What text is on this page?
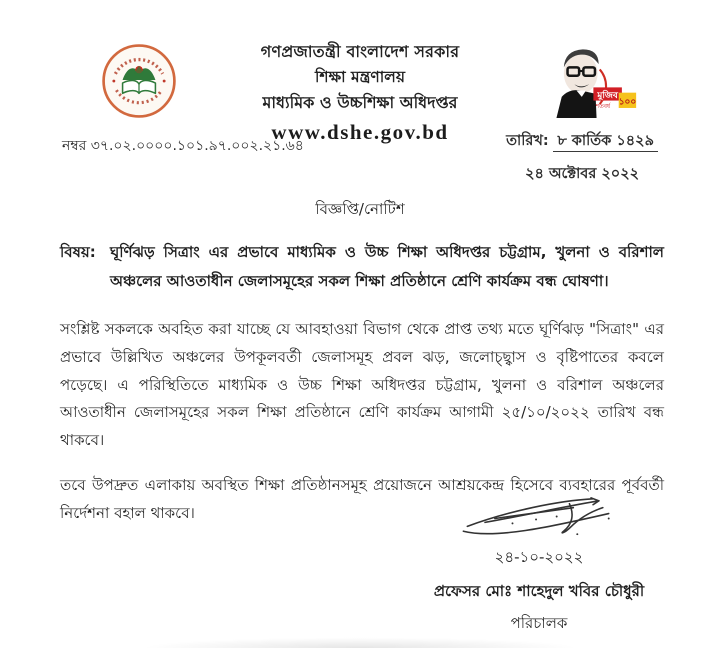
গণপ্রজাতন্ত্রী বাংলাদেশ সরকার
শিক্ষা মন্ত্রণালয়
মাধ্যমিক ও উচ্চশিক্ষা অধিদপ্তর
www.dshe.gov.bd
মুজিব
শতবর্ষ ১০০
নম্বর ৩৭.০২.০০০০.১০১.৯৭.০০২.২১.৬৪	তারিখ: ৮ কার্তিক ১৪২৯
২৪ অক্টোবর ২০২২
বিজ্ঞপ্তি/নোটিশ
বিষয়: ঘূর্ণিঝড় সিত্রাং এর প্রভাবে মাধ্যমিক ও উচ্চ শিক্ষা অধিদপ্তর চট্টগ্রাম, খুলনা ও বরিশাল অঞ্চলের আওতাধীন জেলাসমূহের সকল শিক্ষা প্রতিষ্ঠানে শ্রেণি কার্যক্রম বন্ধ ঘোষণা।
সংশ্লিষ্ট সকলকে অবহিত করা যাচ্ছে যে আবহাওয়া বিভাগ থেকে প্রাপ্ত তথ্য মতে ঘূর্ণিঝড় "সিত্রাং" এর প্রভাবে উল্লিখিত অঞ্চলের উপকূলবর্তী জেলাসমূহ প্রবল ঝড়, জলোচ্ছ্বাস ও বৃষ্টিপাতের কবলে পড়েছে। এ পরিস্থিতিতে মাধ্যমিক ও উচ্চ শিক্ষা অধিদপ্তর চট্টগ্রাম, খুলনা ও বরিশাল অঞ্চলের আওতাধীন জেলাসমূহের সকল শিক্ষা প্রতিষ্ঠানে শ্রেণি কার্যক্রম আগামী ২৫/১০/২০২২ তারিখ বন্ধ থাকবে।
তবে উপদ্রুত এলাকায় অবস্থিত শিক্ষা প্রতিষ্ঠানসমূহ প্রয়োজনে আশ্রয়কেন্দ্র হিসেবে ব্যবহারের পূর্ববর্তী নির্দেশনা বহাল থাকবে।
২৪-১০-২০২২
প্রফেসর মোঃ শাহেদুল খবির চৌধুরী
পরিচালক
